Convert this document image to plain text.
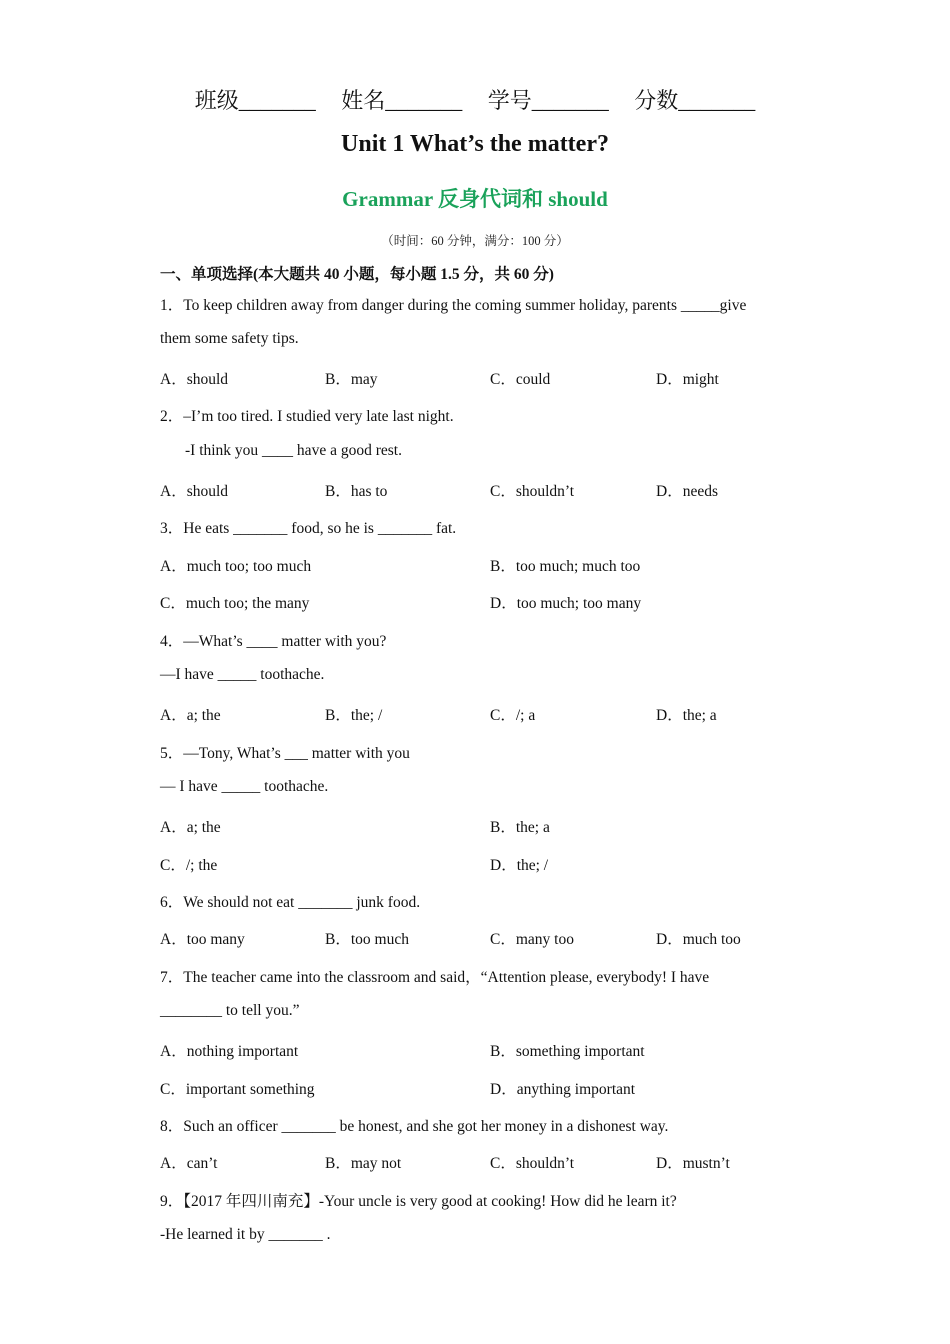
班级_______ 姓名_______ 学号_______ 分数_______
Unit 1 What’s the matter?
Grammar 反身代词和 should
（时间：60 分钟，满分：100 分）
一、单项选择(本大题共 40 小题，每小题 1.5 分，共 60 分)
1．To keep children away from danger during the coming summer holiday, parents _____give
them some safety tips.
A．should	B．may	C．could	D．might
2．–I’m too tired. I studied very late last night.
-I think you ____ have a good rest.
A．should	B．has to	C．shouldn’t	D．needs
3．He eats _______ food, so he is _______ fat.
A．much too; too much	B．too much; much too
C．much too; the many	D．too much; too many
4．—What’s ____ matter with you?
—I have _____ toothache.
A．a; the	B．the; /	C．/; a	D．the; a
5．—Tony, What’s ___ matter with you
— I have _____ toothache.
A．a; the	B．the; a
C．/; the	D．the; /
6．We should not eat _______ junk food.
A．too many	B．too much	C．many too	D．much too
7．The teacher came into the classroom and said，“Attention please, everybody! I have
________ to tell you.”
A．nothing important	B．something important
C．important something	D．anything important
8．Such an officer _______ be honest, and she got her money in a dishonest way.
A．can’t	B．may not	C．shouldn’t	D．mustn’t
9．【2017 年四川南充】-Your uncle is very good at cooking! How did he learn it?
-He learned it by _______ .
